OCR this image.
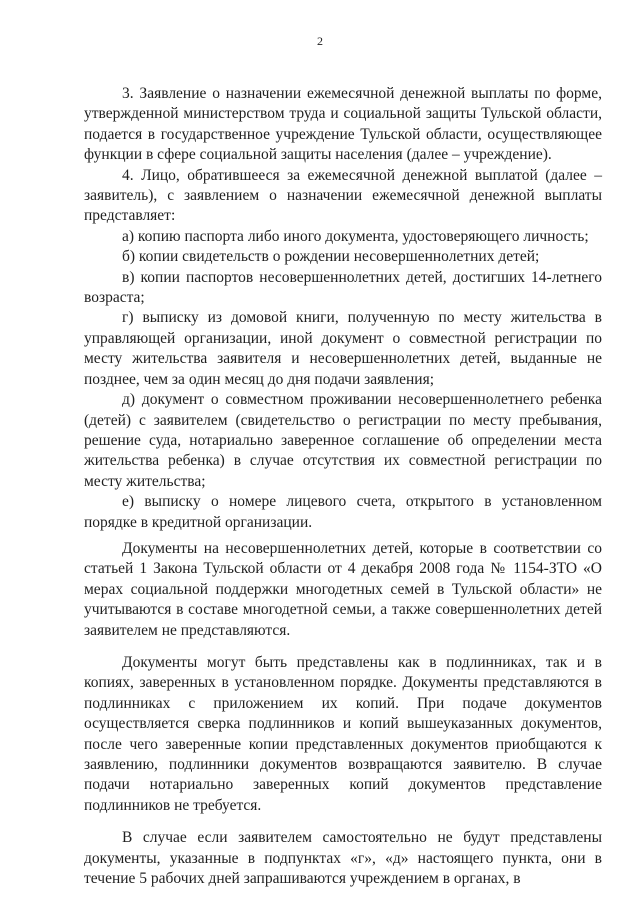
2

3. Заявление о назначении ежемесячной денежной выплаты по форме, утвержденной министерством труда и социальной защиты Тульской области, подается в государственное учреждение Тульской области, осуществляющее функции в сфере социальной защиты населения (далее – учреждение).

4. Лицо, обратившееся за ежемесячной денежной выплатой (далее – заявитель), с заявлением о назначении ежемесячной денежной выплаты представляет:

а) копию паспорта либо иного документа, удостоверяющего личность;

б) копии свидетельств о рождении несовершеннолетних детей;

в) копии паспортов несовершеннолетних детей, достигших 14-летнего возраста;

г) выписку из домовой книги, полученную по месту жительства в управляющей организации, иной документ о совместной регистрации по месту жительства заявителя и несовершеннолетних детей, выданные не позднее, чем за один месяц до дня подачи заявления;

д) документ о совместном проживании несовершеннолетнего ребенка (детей) с заявителем (свидетельство о регистрации по месту пребывания, решение суда, нотариально заверенное соглашение об определении места жительства ребенка) в случае отсутствия их совместной регистрации по месту жительства;

е) выписку о номере лицевого счета, открытого в установленном порядке в кредитной организации.

Документы на несовершеннолетних детей, которые в соответствии со статьей 1 Закона Тульской области от 4 декабря 2008 года № 1154-ЗТО «О мерах социальной поддержки многодетных семей в Тульской области» не учитываются в составе многодетной семьи, а также совершеннолетних детей заявителем не представляются.

Документы могут быть представлены как в подлинниках, так и в копиях, заверенных в установленном порядке. Документы представляются в подлинниках с приложением их копий. При подаче документов осуществляется сверка подлинников и копий вышеуказанных документов, после чего заверенные копии представленных документов приобщаются к заявлению, подлинники документов возвращаются заявителю. В случае подачи нотариально заверенных копий документов представление подлинников не требуется.

В случае если заявителем самостоятельно не будут представлены документы, указанные в подпунктах «г», «д» настоящего пункта, они в течение 5 рабочих дней запрашиваются учреждением в органах, в
